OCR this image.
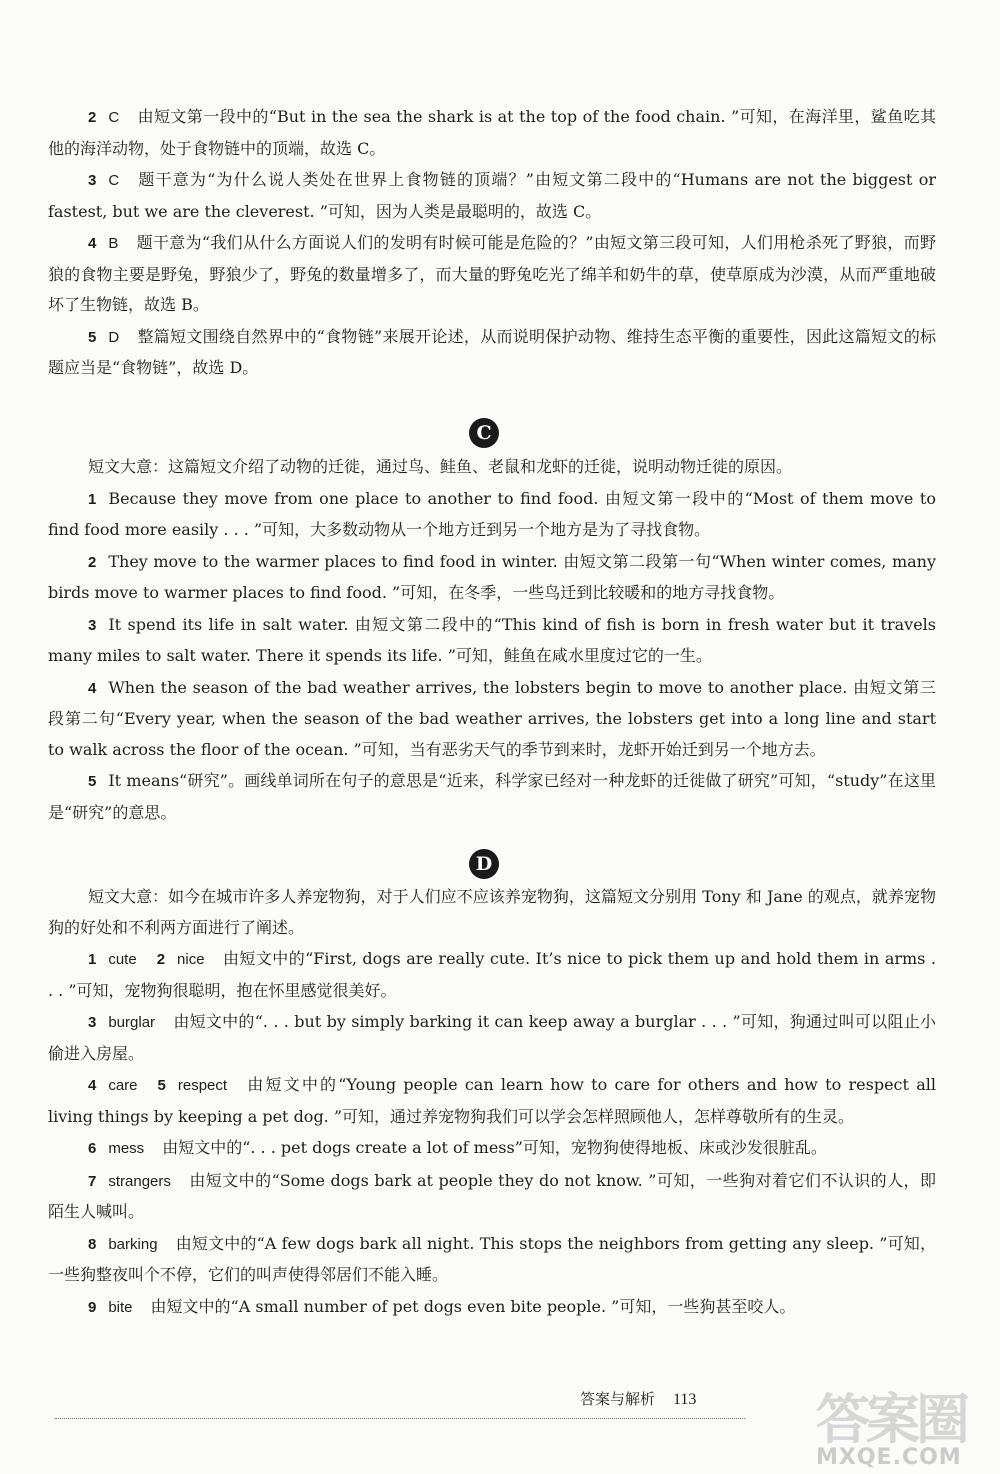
2 C 由短文第一段中的“But in the sea the shark is at the top of the food chain. ”可知，在海洋里，鲨鱼吃其他的海洋动物，处于食物链中的顶端，故选 C。

3 C 题干意为“为什么说人类处在世界上食物链的顶端？”由短文第二段中的“Humans are not the biggest or fastest, but we are the cleverest. ”可知，因为人类是最聪明的，故选 C。

4 B 题干意为“我们从什么方面说人们的发明有时候可能是危险的？”由短文第三段可知，人们用枪杀死了野狼，而野狼的食物主要是野兔，野狼少了，野兔的数量增多了，而大量的野兔吃光了绵羊和奶牛的草，使草原成为沙漠，从而严重地破坏了生物链，故选 B。

5 D 整篇短文围绕自然界中的“食物链”来展开论述，从而说明保护动物、维持生态平衡的重要性，因此这篇短文的标题应当是“食物链”，故选 D。

C

短文大意：这篇短文介绍了动物的迁徙，通过鸟、鲑鱼、老鼠和龙虾的迁徙，说明动物迁徙的原因。

1 Because they move from one place to another to find food. 由短文第一段中的“Most of them move to find food more easily . . . ”可知，大多数动物从一个地方迁到另一个地方是为了寻找食物。

2 They move to the warmer places to find food in winter. 由短文第二段第一句“When winter comes, many birds move to warmer places to find food. ”可知，在冬季，一些鸟迁到比较暖和的地方寻找食物。

3 It spend its life in salt water. 由短文第二段中的“This kind of fish is born in fresh water but it travels many miles to salt water. There it spends its life. ”可知，鲑鱼在咸水里度过它的一生。

4 When the season of the bad weather arrives, the lobsters begin to move to another place. 由短文第三段第二句“Every year, when the season of the bad weather arrives, the lobsters get into a long line and start to walk across the floor of the ocean. ”可知，当有恶劣天气的季节到来时，龙虾开始迁到另一个地方去。

5 It means“研究”。画线单词所在句子的意思是“近来，科学家已经对一种龙虾的迁徙做了研究”可知，“study”在这里是“研究”的意思。

D

短文大意：如今在城市许多人养宠物狗，对于人们应不应该养宠物狗，这篇短文分别用 Tony 和 Jane 的观点，就养宠物狗的好处和不利两方面进行了阐述。

1 cute 2 nice 由短文中的“First, dogs are really cute. It’s nice to pick them up and hold them in arms . . . ”可知，宠物狗很聪明，抱在怀里感觉很美好。

3 burglar 由短文中的“. . . but by simply barking it can keep away a burglar . . . ”可知，狗通过叫可以阻止小偷进入房屋。

4 care 5 respect 由短文中的“Young people can learn how to care for others and how to respect all living things by keeping a pet dog. ”可知，通过养宠物狗我们可以学会怎样照顾他人，怎样尊敬所有的生灵。

6 mess 由短文中的“. . . pet dogs create a lot of mess”可知，宠物狗使得地板、床或沙发很脏乱。

7 strangers 由短文中的“Some dogs bark at people they do not know. ”可知，一些狗对着它们不认识的人，即陌生人喊叫。

8 barking 由短文中的“A few dogs bark all night. This stops the neighbors from getting any sleep. ”可知，一些狗整夜叫个不停，它们的叫声使得邻居们不能入睡。

9 bite 由短文中的“A small number of pet dogs even bite people. ”可知，一些狗甚至咬人。

答案与解析 113 答案圈
MXQE.COM
